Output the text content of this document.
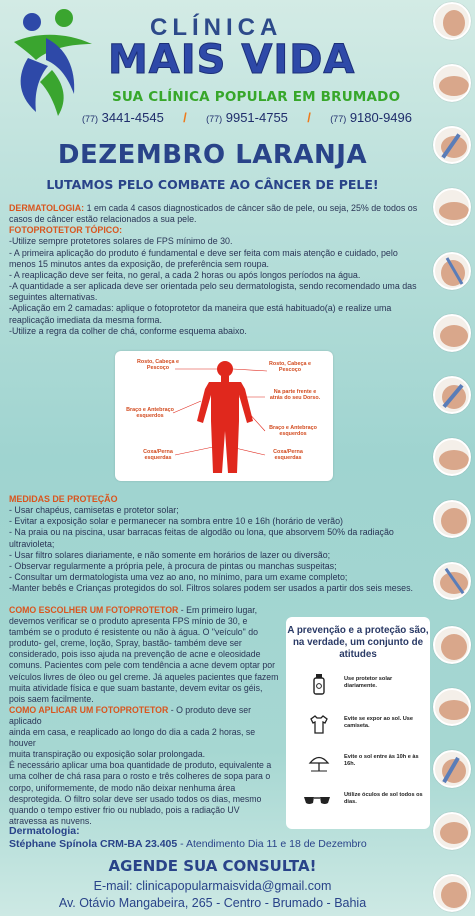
CLÍNICA
MAIS VIDA
SUA CLÍNICA POPULAR EM BRUMADO
(77) 3441-4545 / (77) 9951-4755 / (77) 9180-9496
DEZEMBRO LARANJA
LUTAMOS PELO COMBATE AO CÂNCER DE PELE!

DERMATOLOGIA: 1 em cada 4 casos diagnosticados de câncer são de pele, ou seja, 25% de todos os casos de câncer estão relacionados a sua pele.

FOTOPROTETOR TÓPICO:

-Utilize sempre protetores solares de FPS mínimo de 30.

- A primeira aplicação do produto é fundamental e deve ser feita com mais atenção e cuidado, pelo menos 15 minutos antes da exposição, de preferência sem roupa.

- A reaplicação deve ser feita, no geral, a cada 2 horas ou após longos períodos na água.

-A quantidade a ser aplicada deve ser orientada pelo seu dermatologista, sendo recomendado uma das seguintes alternativas.

-Aplicação em 2 camadas: aplique o fotoprotetor da maneira que está habituado(a) e realize uma reaplicação imediata da mesma forma.

-Utilize a regra da colher de chá, conforme esquema abaixo.

Rosto, Cabeça e Pescoço
Rosto, Cabeça e Pescoço
Braço e Antebraço esquerdos
Na parte frente e atrás do seu Dorso.
Braço e Antebraço esquerdos
Coxa/Perna esquerdas
Coxa/Perna esquerdas

MEDIDAS DE PROTEÇÃO

- Usar chapéus, camisetas e protetor solar;

- Evitar a exposição solar e permanecer na sombra entre 10 e 16h (horário de verão)

- Na praia ou na piscina, usar barracas feitas de algodão ou lona, que absorvem 50% da radiação ultravioleta;

- Usar filtro solares diariamente, e não somente em horários de lazer ou diversão;

- Observar regularmente a própria pele, à procura de pintas ou manchas suspeitas;

- Consultar um dermatologista uma vez ao ano, no mínimo, para um exame completo;

-Manter bebês e Crianças protegidos do sol. Filtros solares podem ser usados a partir dos seis meses.

COMO ESCOLHER UM FOTOPROTETOR - Em primeiro lugar,

devemos verificar se o produto apresenta FPS mínio de 30, e

também se o produto é resistente ou não à água. O "veículo" do

produto- gel, creme, loção, Spray, bastão- também deve ser

considerado, pois isso ajuda na prevenção de acne e oleosidade

comuns. Pacientes com pele com tendência a acne devem optar por

veículos livres de óleo ou gel creme. Já aqueles pacientes que fazem

muita atividade física e que suam bastante, devem evitar os géis,

pois saem facilmente.

COMO APLICAR UM FOTOPROTETOR - O produto deve ser aplicado

ainda em casa, e reaplicado ao longo do dia a cada 2 horas, se houver

muita transpiração ou exposição solar prolongada.

É necessário aplicar uma boa quantidade de produto, equivalente a

uma colher de chá rasa para o rosto e três colheres de sopa para o

corpo, uniformemente, de modo não deixar nenhuma área

desprotegida. O filtro solar deve ser usado todos os dias, mesmo

quando o tempo estiver frio ou nublado, pois a radiação UV

atravessa as nuvens.

A prevenção e a proteção são, na verdade, um conjunto de atitudes
Use protetor solar diariamente.
Evite se expor ao sol. Use camiseta.
Evite o sol entre às 10h e às 16h.
Utilize óculos de sol todos os dias.
Dermatologia:
Stéphane Spínola CRM-BA 23.405 - Atendimento Dia 11 e 18 de Dezembro
AGENDE SUA CONSULTA!
E-mail: clinicapopularmaisvida@gmail.com
Av. Otávio Mangabeira, 265 - Centro - Brumado - Bahia
